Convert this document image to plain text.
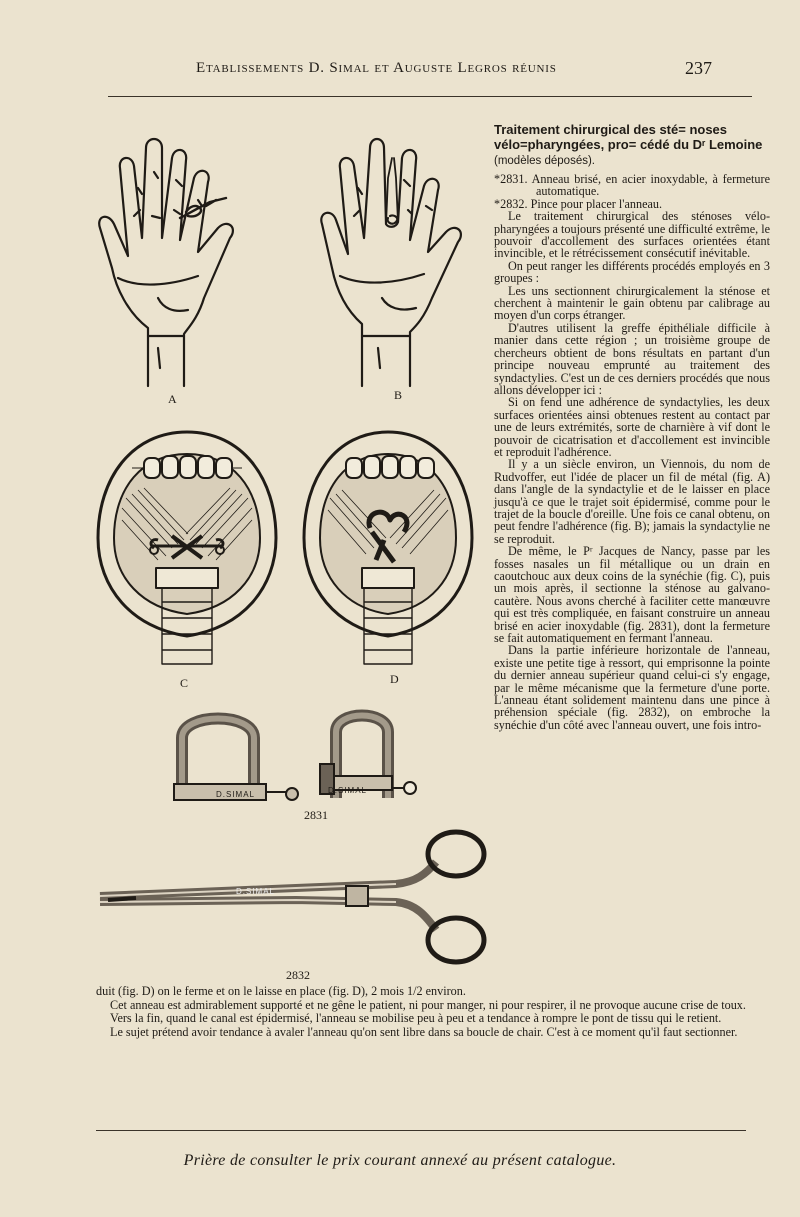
Etablissements D. Simal et Auguste Legros réunis	237
A	B
C	D
D.SIMAL	D.SIMAL
2831
D.SIMAL
2832

Traitement chirurgical des sté= noses vélo=pharyngées, pro= cédé du Dʳ Lemoine (modèles déposés).

*2831. Anneau brisé, en acier inoxydable, à fermeture automatique.

*2832. Pince pour placer l'anneau.

Le traitement chirurgical des sténoses vélo-pharyngées a toujours présenté une difficulté extrême, le pouvoir d'accollement des surfaces orientées étant invincible, et le rétrécissement consécutif inévitable.

On peut ranger les différents procédés employés en 3 groupes :

Les uns sectionnent chirurgicalement la sténose et cherchent à maintenir le gain obtenu par calibrage au moyen d'un corps étranger.

D'autres utilisent la greffe épithéliale difficile à manier dans cette région ; un troisième groupe de chercheurs obtient de bons résultats en partant d'un principe nouveau emprunté au traitement des syndactylies. C'est un de ces derniers procédés que nous allons développer ici :

Si on fend une adhérence de syndactylies, les deux surfaces orientées ainsi obtenues restent au contact par une de leurs extrémités, sorte de charnière à vif dont le pouvoir de cicatrisation et d'accollement est invincible et reproduit l'adhérence.

Il y a un siècle environ, un Viennois, du nom de Rudvoffer, eut l'idée de placer un fil de métal (fig. A) dans l'angle de la syndactylie et de le laisser en place jusqu'à ce que le trajet soit épidermisé, comme pour le trajet de la boucle d'oreille. Une fois ce canal obtenu, on peut fendre l'adhérence (fig. B); jamais la syndactylie ne se reproduit.

De même, le Pʳ Jacques de Nancy, passe par les fosses nasales un fil métallique ou un drain en caoutchouc aux deux coins de la synéchie (fig. C), puis un mois après, il sectionne la sténose au galvano-cautère. Nous avons cherché à faciliter cette manœuvre qui est très compliquée, en faisant construire un anneau brisé en acier inoxydable (fig. 2831), dont la fermeture se fait automatiquement en fermant l'anneau.

Dans la partie inférieure horizontale de l'anneau, existe une petite tige à ressort, qui emprisonne la pointe du dernier anneau supérieur quand celui-ci s'y engage, par le même mécanisme que la fermeture d'une porte. L'anneau étant solidement maintenu dans une pince à préhension spéciale (fig. 2832), on embroche la synéchie d'un côté avec l'anneau ouvert, une fois intro-

duit (fig. D) on le ferme et on le laisse en place (fig. D), 2 mois 1/2 environ.

Cet anneau est admirablement supporté et ne gêne le patient, ni pour manger, ni pour respirer, il ne provoque aucune crise de toux.

Vers la fin, quand le canal est épidermisé, l'anneau se mobilise peu à peu et a tendance à rompre le pont de tissu qui le retient.

Le sujet prétend avoir tendance à avaler l'anneau qu'on sent libre dans sa boucle de chair. C'est à ce moment qu'il faut sectionner.

Prière de consulter le prix courant annexé au présent catalogue.
